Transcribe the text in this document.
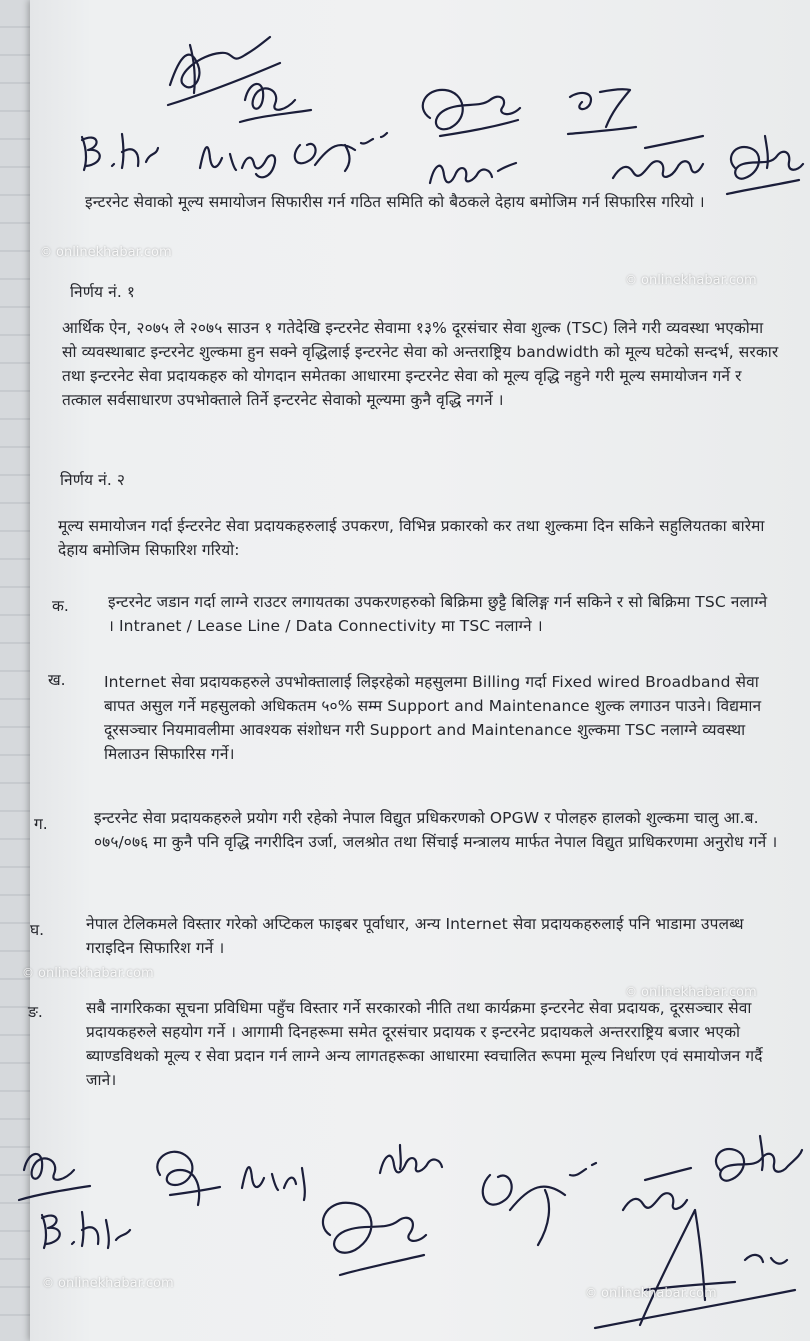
इन्टरनेट सेवाको मूल्य समायोजन सिफारीस गर्न गठित समिति को बैठकले देहाय बमोजिम गर्न सिफारिस गरियो ।
निर्णय नं. १
आर्थिक ऐन, २०७५ ले २०७५ साउन १ गतेदेखि इन्टरनेट सेवामा १३% दूरसंचार सेवा शुल्क (TSC) लिने गरी व्यवस्था भएकोमा सो व्यवस्थाबाट इन्टरनेट शुल्कमा हुन सक्ने वृद्धिलाई इन्टरनेट सेवा को अन्तराष्ट्रिय bandwidth को मूल्य घटेको सन्दर्भ, सरकार तथा इन्टरनेट सेवा प्रदायकहरु को योगदान समेतका आधारमा इन्टरनेट सेवा को मूल्य वृद्धि नहुने गरी मूल्य समायोजन गर्ने र तत्काल सर्वसाधारण उपभोक्ताले तिर्ने इन्टरनेट सेवाको मूल्यमा कुनै वृद्धि नगर्ने ।
निर्णय नं. २
मूल्य समायोजन गर्दा ईन्टरनेट सेवा प्रदायकहरुलाई उपकरण, विभिन्न प्रकारको कर तथा शुल्कमा दिन सकिने सहुलियतका बारेमा देहाय बमोजिम सिफारिश गरियो:
क.	इन्टरनेट जडान गर्दा लाग्ने राउटर लगायतका उपकरणहरुको बिक्रिमा छुट्टै बिलिङ्ग गर्न सकिने र सो बिक्रिमा TSC नलाग्ने । Intranet / Lease Line / Data Connectivity मा TSC नलाग्ने ।
ख. Internet सेवा प्रदायकहरुले उपभोक्तालाई लिइरहेको महसुलमा Billing गर्दा Fixed wired Broadband सेवा बापत असुल गर्ने महसुलको अधिकतम ५०% सम्म Support and Maintenance शुल्क लगाउन पाउने। विद्यमान दूरसञ्चार नियमावलीमा आवश्यक संशोधन गरी Support and Maintenance शुल्कमा TSC नलाग्ने व्यवस्था मिलाउन सिफारिस गर्ने।
ग.	इन्टरनेट सेवा प्रदायकहरुले प्रयोग गरी रहेको नेपाल विद्युत प्रधिकरणको OPGW र पोलहरु हालको शुल्कमा चालु आ.ब. ०७५/०७६ मा कुनै पनि वृद्धि नगरीदिन उर्जा, जलश्रोत तथा सिंचाई मन्त्रालय मार्फत नेपाल विद्युत प्राधिकरणमा अनुरोध गर्ने ।
घ.	नेपाल टेलिकमले विस्तार गरेको अप्टिकल फाइबर पूर्वाधार, अन्य Internet सेवा प्रदायकहरुलाई पनि भाडामा उपलब्ध गराइदिन सिफारिश गर्ने ।
ङ.	सबै नागरिकका सूचना प्रविधिमा पहुँच विस्तार गर्ने सरकारको नीति तथा कार्यक्रमा इन्टरनेट सेवा प्रदायक, दूरसञ्चार सेवा प्रदायकहरुले सहयोग गर्ने । आगामी दिनहरूमा समेत दूरसंचार प्रदायक र इन्टरनेट प्रदायकले अन्तरराष्ट्रिय बजार भएको ब्याण्डविथको मूल्य र सेवा प्रदान गर्न लाग्ने अन्य लागतहरूका आधारमा स्वचालित रूपमा मूल्य निर्धारण एवं समायोजन गर्दै जाने।
© onlinekhabar.com
© onlinekhabar.com
© onlinekhabar.com
© onlinekhabar.com
© onlinekhabar.com
© onlinekhabar.com
